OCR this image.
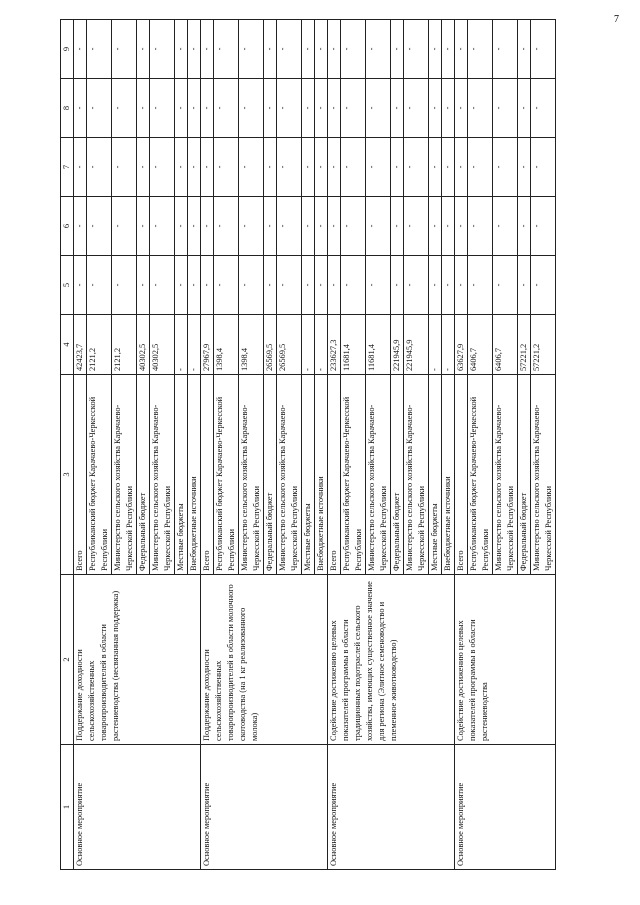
7
1	2	3	4	5	6	7	8	9
Основное мероприятие	Поддержание доходности сельскохозяйственных товаропроизводителей в области растениеводства (несвязанная поддержка)	Всего	42423,7	-	-	-	-	-
		Республиканский бюджет Карачаево-Черкесской Республики	2121,2	-	-	-	-	-
		Министерство сельского хозяйства Карачаево-Черкесской Республики	2121,2	-	-	-	-	-
		Федеральный бюджет	40302,5	-	-	-	-	-
		Министерство сельского хозяйства Карачаево-Черкесской Республики	40302,5	-	-	-	-	-
		Местные бюджеты	-	-	-	-	-	-
		Внебюджетные источники	-	-	-	-	-	-
Основное мероприятие	Поддержание доходности сельскохозяйственных товаропроизводителей в области молочного скотоводства (на 1 кг реализованного молока)	Всего	27967,9	-	-	-	-	-
		Республиканский бюджет Карачаево-Черкесской Республики	1398,4	-	-	-	-	-
		Министерство сельского хозяйства Карачаево-Черкесской Республики	1398,4	-	-	-	-	-
		Федеральный бюджет	26569,5	-	-	-	-	-
		Министерство сельского хозяйства Карачаево-Черкесской Республики	26569,5	-	-	-	-	-
		Местные бюджеты	-	-	-	-	-	-
		Внебюджетные источники	-	-	-	-	-	-
Основное мероприятие	Содействие достижению целевых показателей программы в области традиционных подотраслей сельского хозяйства, имеющих существенное значение для региона (Элитное семеноводство и племенное животноводство)	Всего	233627,3	-	-	-	-	-
		Республиканский бюджет Карачаево-Черкесской Республики	11681,4	-	-	-	-	-
		Министерство сельского хозяйства Карачаево-Черкесской Республики	11681,4	-	-	-	-	-
		Федеральный бюджет	221945,9	-	-	-	-	-
		Министерство сельского хозяйства Карачаево-Черкесской Республики	221945,9	-	-	-	-	-
		Местные бюджеты	-	-	-	-	-	-
		Внебюджетные источники	-	-	-	-	-	-
Основное мероприятие	Содействие достижению целевых показателей программы в области растениеводства	Всего	63627,9	-	-	-	-	-
		Республиканский бюджет Карачаево-Черкесской Республики	6406,7	-	-	-	-	-
		Министерство сельского хозяйства Карачаево-Черкесской Республики	6406,7	-	-	-	-	-
		Федеральный бюджет	57221,2	-	-	-	-	-
		Министерство сельского хозяйства Карачаево-Черкесской Республики	57221,2	-	-	-	-	-
